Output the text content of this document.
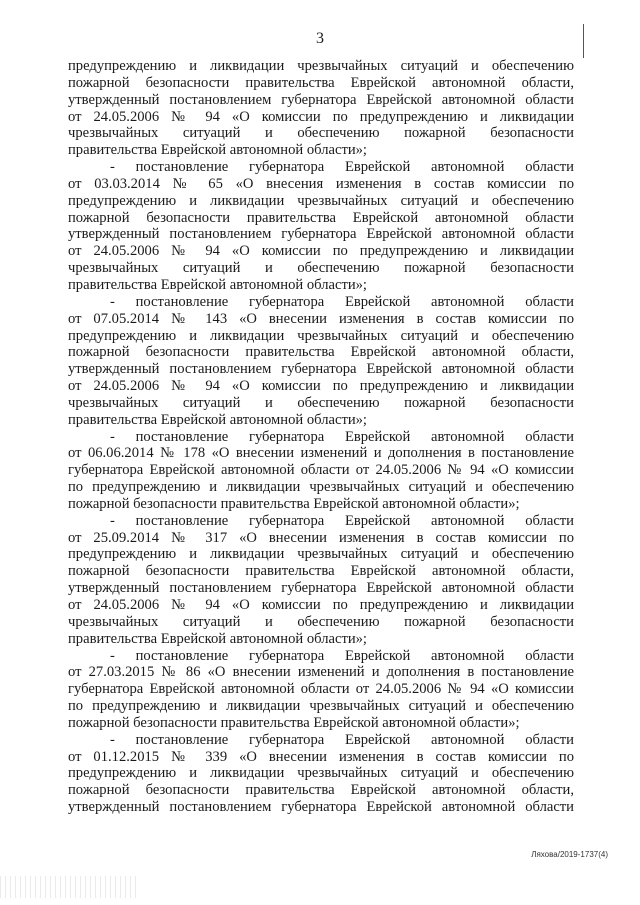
3
предупреждению и ликвидации чрезвычайных ситуаций и обеспечению
пожарной безопасности правительства Еврейской автономной области,
утвержденный постановлением губернатора Еврейской автономной области
от 24.05.2006 № 94 «О комиссии по предупреждению и ликвидации
чрезвычайных ситуаций и обеспечению пожарной безопасности
правительства Еврейской автономной области»;
- постановление губернатора Еврейской автономной области
от 03.03.2014 № 65 «О внесения изменения в состав комиссии по
предупреждению и ликвидации чрезвычайных ситуаций и обеспечению
пожарной безопасности правительства Еврейской автономной области
утвержденный постановлением губернатора Еврейской автономной области
от 24.05.2006 № 94 «О комиссии по предупреждению и ликвидации
чрезвычайных ситуаций и обеспечению пожарной безопасности
правительства Еврейской автономной области»;
- постановление губернатора Еврейской автономной области
от 07.05.2014 № 143 «О внесении изменения в состав комиссии по
предупреждению и ликвидации чрезвычайных ситуаций и обеспечению
пожарной безопасности правительства Еврейской автономной области,
утвержденный постановлением губернатора Еврейской автономной области
от 24.05.2006 № 94 «О комиссии по предупреждению и ликвидации
чрезвычайных ситуаций и обеспечению пожарной безопасности
правительства Еврейской автономной области»;
- постановление губернатора Еврейской автономной области
от 06.06.2014 № 178 «О внесении изменений и дополнения в постановление
губернатора Еврейской автономной области от 24.05.2006 № 94 «О комиссии
по предупреждению и ликвидации чрезвычайных ситуаций и обеспечению
пожарной безопасности правительства Еврейской автономной области»;
- постановление губернатора Еврейской автономной области
от 25.09.2014 № 317 «О внесении изменения в состав комиссии по
предупреждению и ликвидации чрезвычайных ситуаций и обеспечению
пожарной безопасности правительства Еврейской автономной области,
утвержденный постановлением губернатора Еврейской автономной области
от 24.05.2006 № 94 «О комиссии по предупреждению и ликвидации
чрезвычайных ситуаций и обеспечению пожарной безопасности
правительства Еврейской автономной области»;
- постановление губернатора Еврейской автономной области
от 27.03.2015 № 86 «О внесении изменений и дополнения в постановление
губернатора Еврейской автономной области от 24.05.2006 № 94 «О комиссии
по предупреждению и ликвидации чрезвычайных ситуаций и обеспечению
пожарной безопасности правительства Еврейской автономной области»;
- постановление губернатора Еврейской автономной области
от 01.12.2015 № 339 «О внесении изменения в состав комиссии по
предупреждению и ликвидации чрезвычайных ситуаций и обеспечению
пожарной безопасности правительства Еврейской автономной области,
утвержденный постановлением губернатора Еврейской автономной области
Ляхова/2019-1737(4)
